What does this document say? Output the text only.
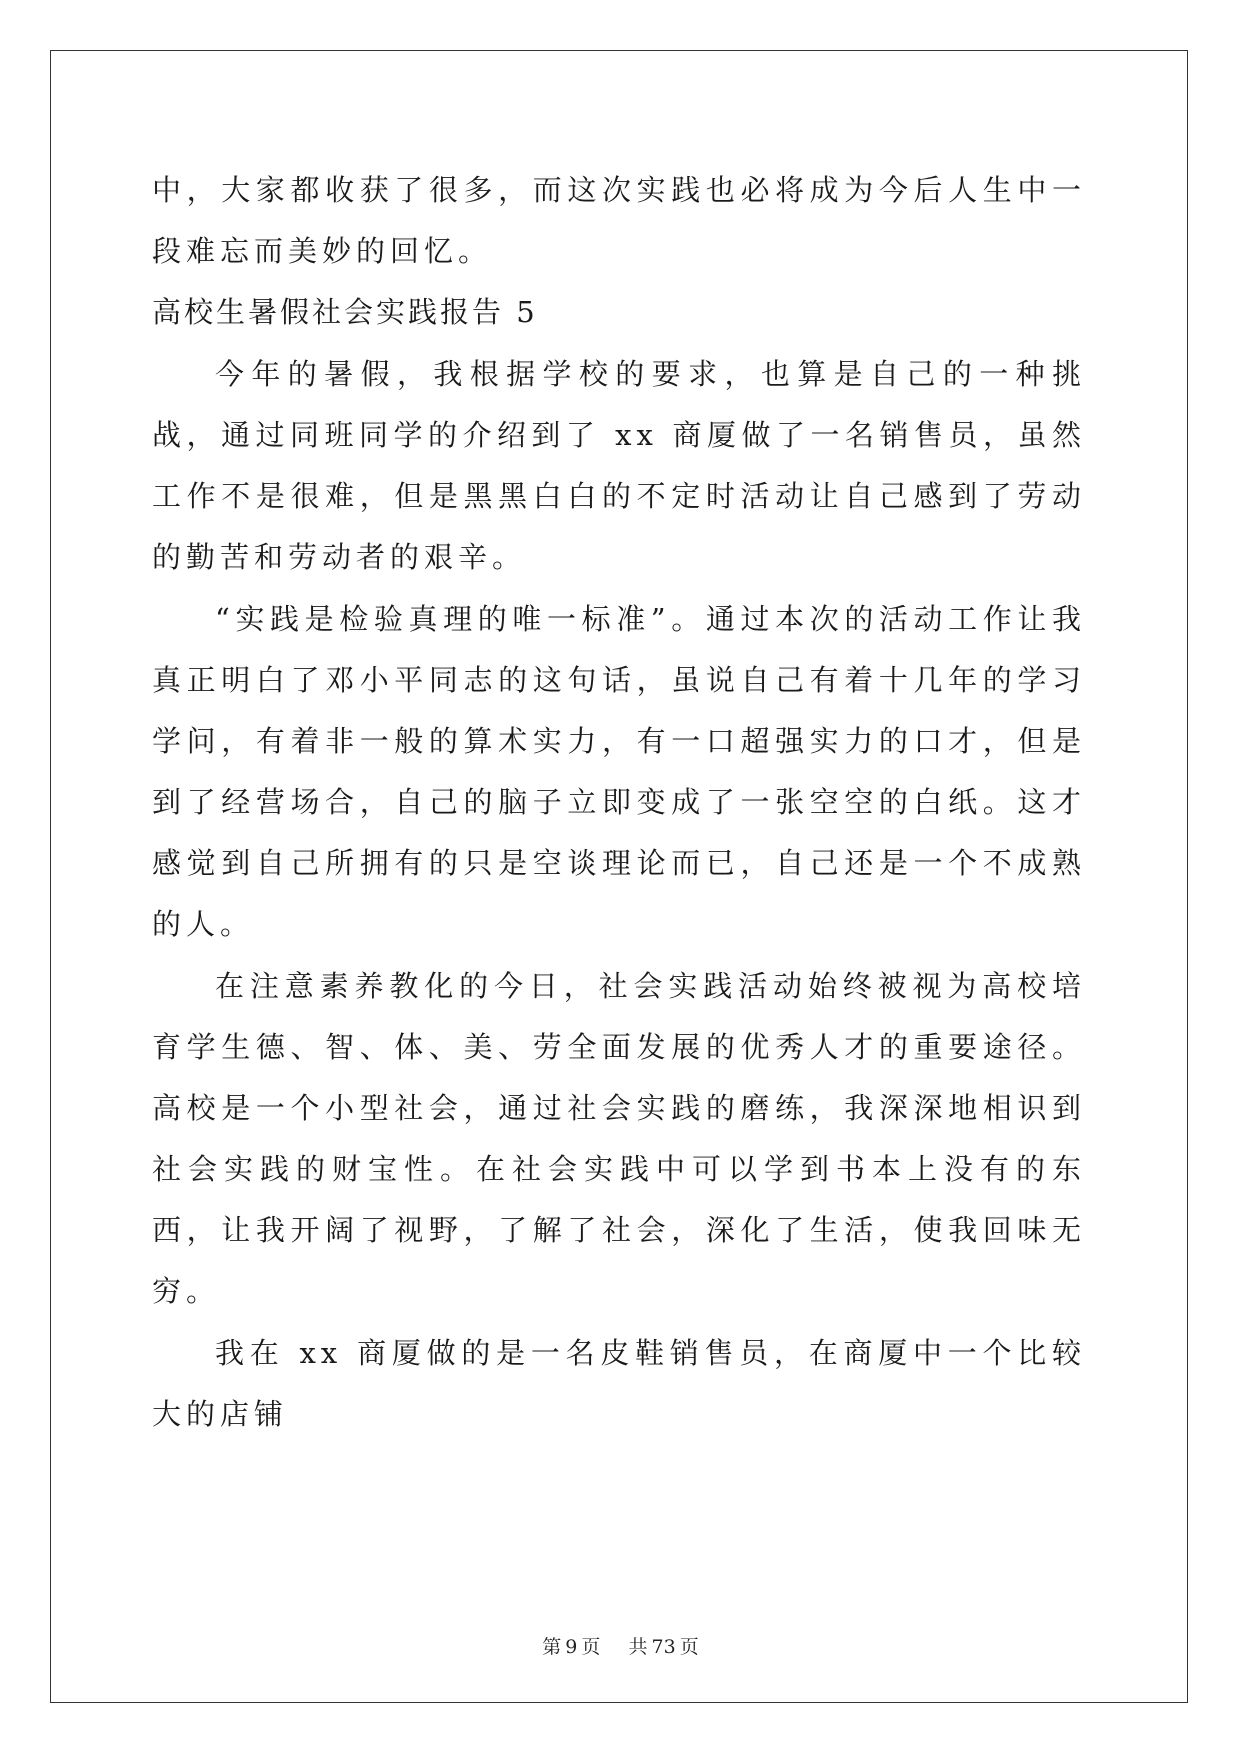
中，大家都收获了很多，而这次实践也必将成为今后人生中一段难忘而美妙的回忆。

高校生暑假社会实践报告 5

今年的暑假，我根据学校的要求，也算是自己的一种挑战，通过同班同学的介绍到了 xx 商厦做了一名销售员，虽然工作不是很难，但是黑黑白白的不定时活动让自己感到了劳动的勤苦和劳动者的艰辛。

“实践是检验真理的唯一标准”。通过本次的活动工作让我真正明白了邓小平同志的这句话，虽说自己有着十几年的学习学问，有着非一般的算术实力，有一口超强实力的口才，但是到了经营场合，自己的脑子立即变成了一张空空的白纸。这才感觉到自己所拥有的只是空谈理论而已，自己还是一个不成熟的人。

在注意素养教化的今日，社会实践活动始终被视为高校培育学生德、智、体、美、劳全面发展的优秀人才的重要途径。高校是一个小型社会，通过社会实践的磨练，我深深地相识到社会实践的财宝性。在社会实践中可以学到书本上没有的东西，让我开阔了视野，了解了社会，深化了生活，使我回味无穷。

我在 xx 商厦做的是一名皮鞋销售员，在商厦中一个比较大的店铺

第 9 页 共 73 页
